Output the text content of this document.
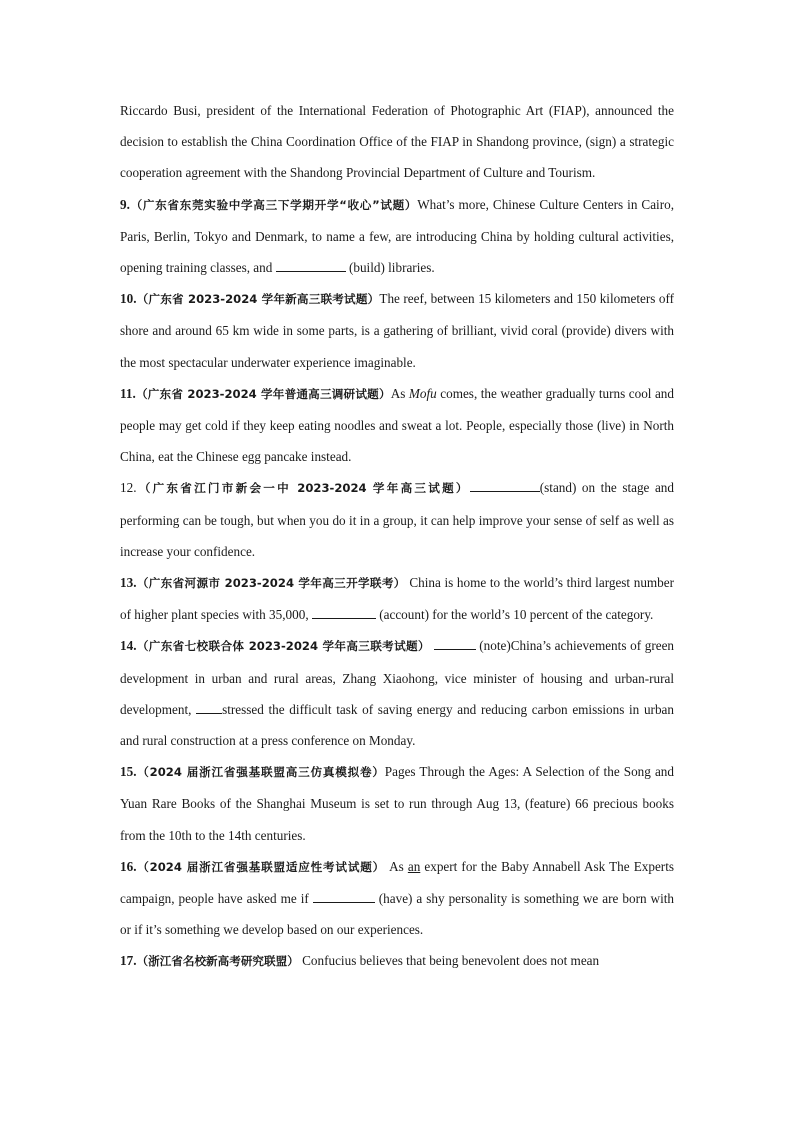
Riccardo Busi, president of the International Federation of Photographic Art (FIAP), announced the decision to establish the China Coordination Office of the FIAP in Shandong province, (sign) a strategic cooperation agreement with the Shandong Provincial Department of Culture and Tourism.

9.（广东省东莞实验中学高三下学期开学“收心”试题）What’s more, Chinese Culture Centers in Cairo, Paris, Berlin, Tokyo and Denmark, to name a few, are introducing China by holding cultural activities, opening training classes, and	(build) libraries.

10.（广东省 2023-2024 学年新高三联考试题）The reef, between 15 kilometers and 150 kilometers off shore and around 65 km wide in some parts, is a gathering of brilliant, vivid coral (provide) divers with the most spectacular underwater experience imaginable.

11.（广东省 2023-2024 学年普通高三调研试题）As Mofu comes, the weather gradually turns cool and people may get cold if they keep eating noodles and sweat a lot. People, especially those (live) in North China, eat the Chinese egg pancake instead.

12.（广东省江门市新会一中 2023-2024 学年高三试题）	(stand) on the stage and performing can be tough, but when you do it in a group, it can help improve your sense of self as well as increase your confidence.

13.（广东省河源市 2023-2024 学年高三开学联考） China is home to the world’s third largest number of higher plant species with 35,000,	(account) for the world’s 10 percent of the category.

14.（广东省七校联合体 2023-2024 学年高三联考试题）	(note)China’s achievements of green development in urban and rural areas, Zhang Xiaohong, vice minister of housing and urban-rural development, stressed the difficult task of saving energy and reducing carbon emissions in urban and rural construction at a press conference on Monday.

15.（2024 届浙江省强基联盟高三仿真模拟卷）Pages Through the Ages: A Selection of the Song and Yuan Rare Books of the Shanghai Museum is set to run through Aug 13, (feature) 66 precious books from the 10th to the 14th centuries.

16.（2024 届浙江省强基联盟适应性考试试题） As an expert for the Baby Annabell Ask The Experts campaign, people have asked me if	(have) a shy personality is something we are born with or if it’s something we develop based on our experiences.

17.（浙江省名校新高考研究联盟） Confucius believes that being benevolent does not mean
